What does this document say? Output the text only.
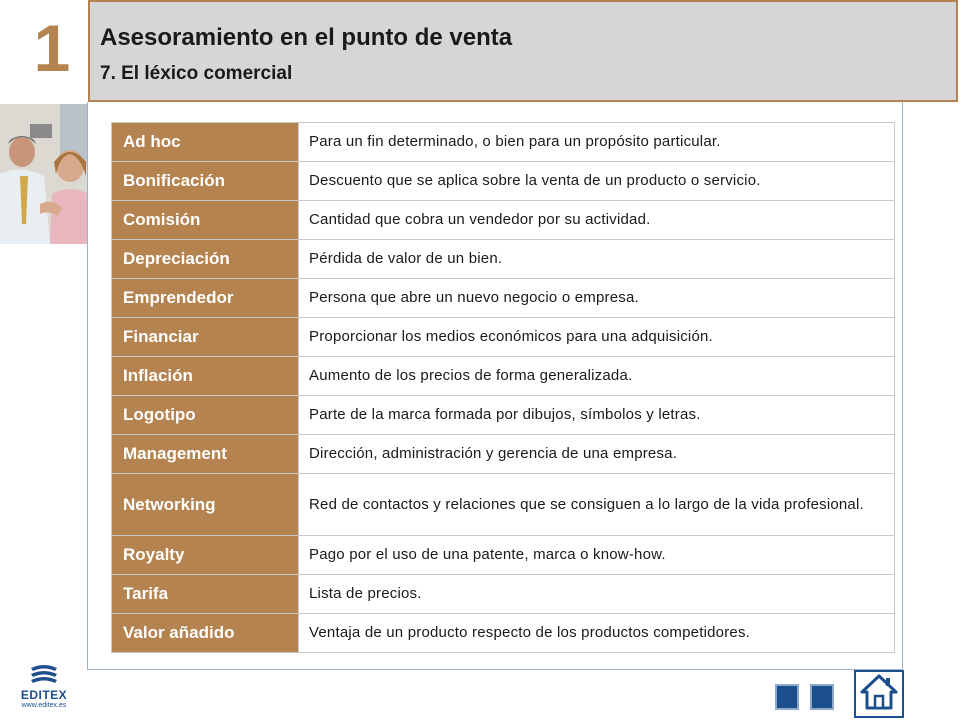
1	Asesoramiento en el punto de venta
7. El léxico comercial
Ad hoc	Para un fin determinado, o bien para un propósito particular.
Bonificación	Descuento que se aplica sobre la venta de un producto o servicio.
Comisión	Cantidad que cobra un vendedor por su actividad.
Depreciación	Pérdida de valor de un bien.
Emprendedor	Persona que abre un nuevo negocio o empresa.
Financiar	Proporcionar los medios económicos para una adquisición.
Inflación	Aumento de los precios de forma generalizada.
Logotipo	Parte de la marca formada por dibujos, símbolos y letras.
Management	Dirección, administración y gerencia de una empresa.
Networking	Red de contactos y relaciones que se consiguen a lo largo de la vida profesional.
Royalty	Pago por el uso de una patente, marca o know-how.
Tarifa	Lista de precios.
Valor añadido	Ventaja de un producto respecto de los productos competidores.
EDITEX
www.editex.es
